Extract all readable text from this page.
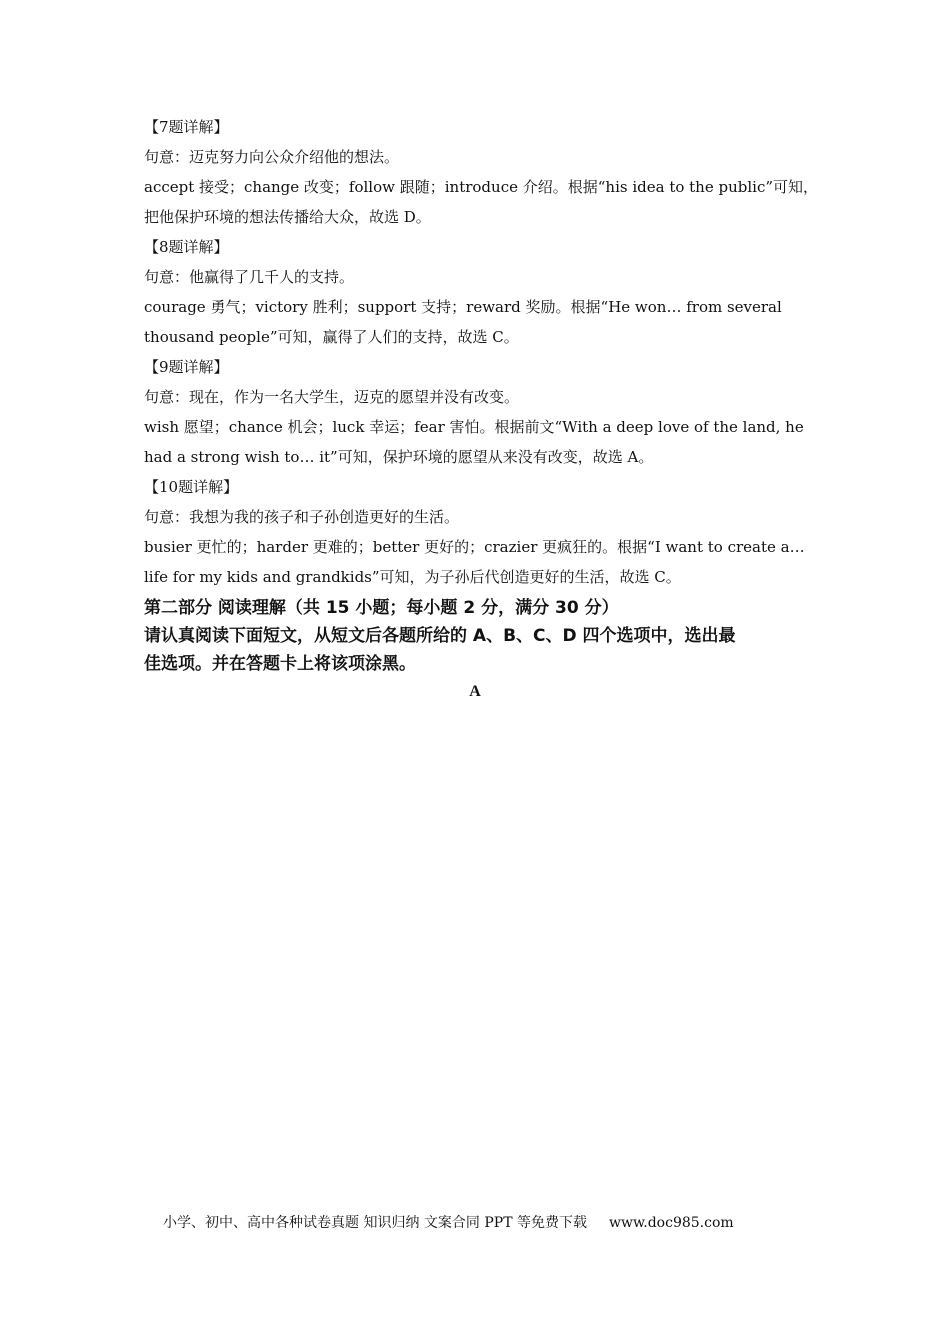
【7题详解】
句意：迈克努力向公众介绍他的想法。
accept 接受；change 改变；follow 跟随；introduce 介绍。根据“his idea to the public”可知，
把他保护环境的想法传播给大众，故选 D。
【8题详解】
句意：他赢得了几千人的支持。
courage 勇气；victory 胜利；support 支持；reward 奖励。根据“He won… from several
thousand people”可知，赢得了人们的支持，故选 C。
【9题详解】
句意：现在，作为一名大学生，迈克的愿望并没有改变。
wish 愿望；chance 机会；luck 幸运；fear 害怕。根据前文“With a deep love of the land, he
had a strong wish to… it”可知，保护环境的愿望从来没有改变，故选 A。
【10题详解】
句意：我想为我的孩子和子孙创造更好的生活。
busier 更忙的；harder 更难的；better 更好的；crazier 更疯狂的。根据“I want to create a…
life for my kids and grandkids”可知，为子孙后代创造更好的生活，故选 C。
第二部分 阅读理解（共 15 小题；每小题 2 分，满分 30 分）
请认真阅读下面短文，从短文后各题所给的 A、B、C、D 四个选项中，选出最
佳选项。并在答题卡上将该项涂黑。
A
小学、初中、高中各种试卷真题 知识归纳 文案合同 PPT 等免费下载 www.doc985.com
